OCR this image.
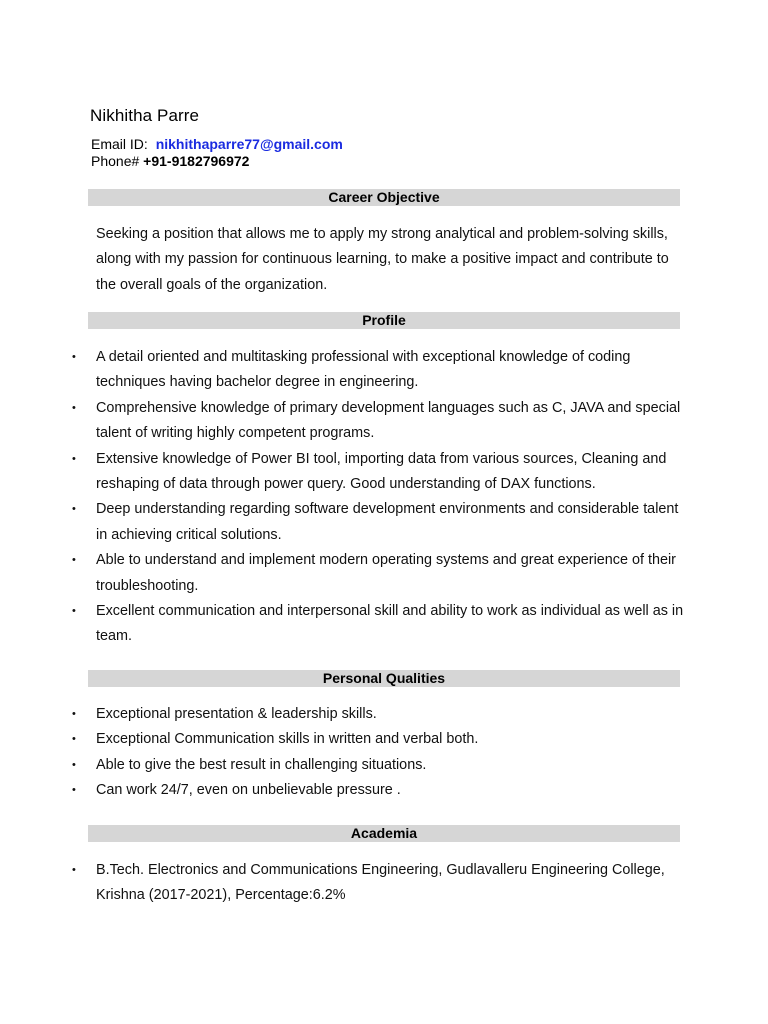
Nikhitha Parre
Email ID: nikhithaparre77@gmail.com
Phone# +91-9182796972
Career Objective

Seeking a position that allows me to apply my strong analytical and problem-solving skills, along with my passion for continuous learning, to make a positive impact and contribute to the overall goals of the organization.

Profile
• A detail oriented and multitasking professional with exceptional knowledge of coding techniques having bachelor degree in engineering.
• Comprehensive knowledge of primary development languages such as C, JAVA and special talent of writing highly competent programs.
• Extensive knowledge of Power BI tool, importing data from various sources, Cleaning and reshaping of data through power query. Good understanding of DAX functions.
• Deep understanding regarding software development environments and considerable talent in achieving critical solutions.
• Able to understand and implement modern operating systems and great experience of their troubleshooting.
• Excellent communication and interpersonal skill and ability to work as individual as well as in team.
Personal Qualities
• Exceptional presentation & leadership skills.
• Exceptional Communication skills in written and verbal both.
• Able to give the best result in challenging situations.
• Can work 24/7, even on unbelievable pressure .
Academia
• B.Tech. Electronics and Communications Engineering, Gudlavalleru Engineering College, Krishna (2017-2021), Percentage:6.2%
